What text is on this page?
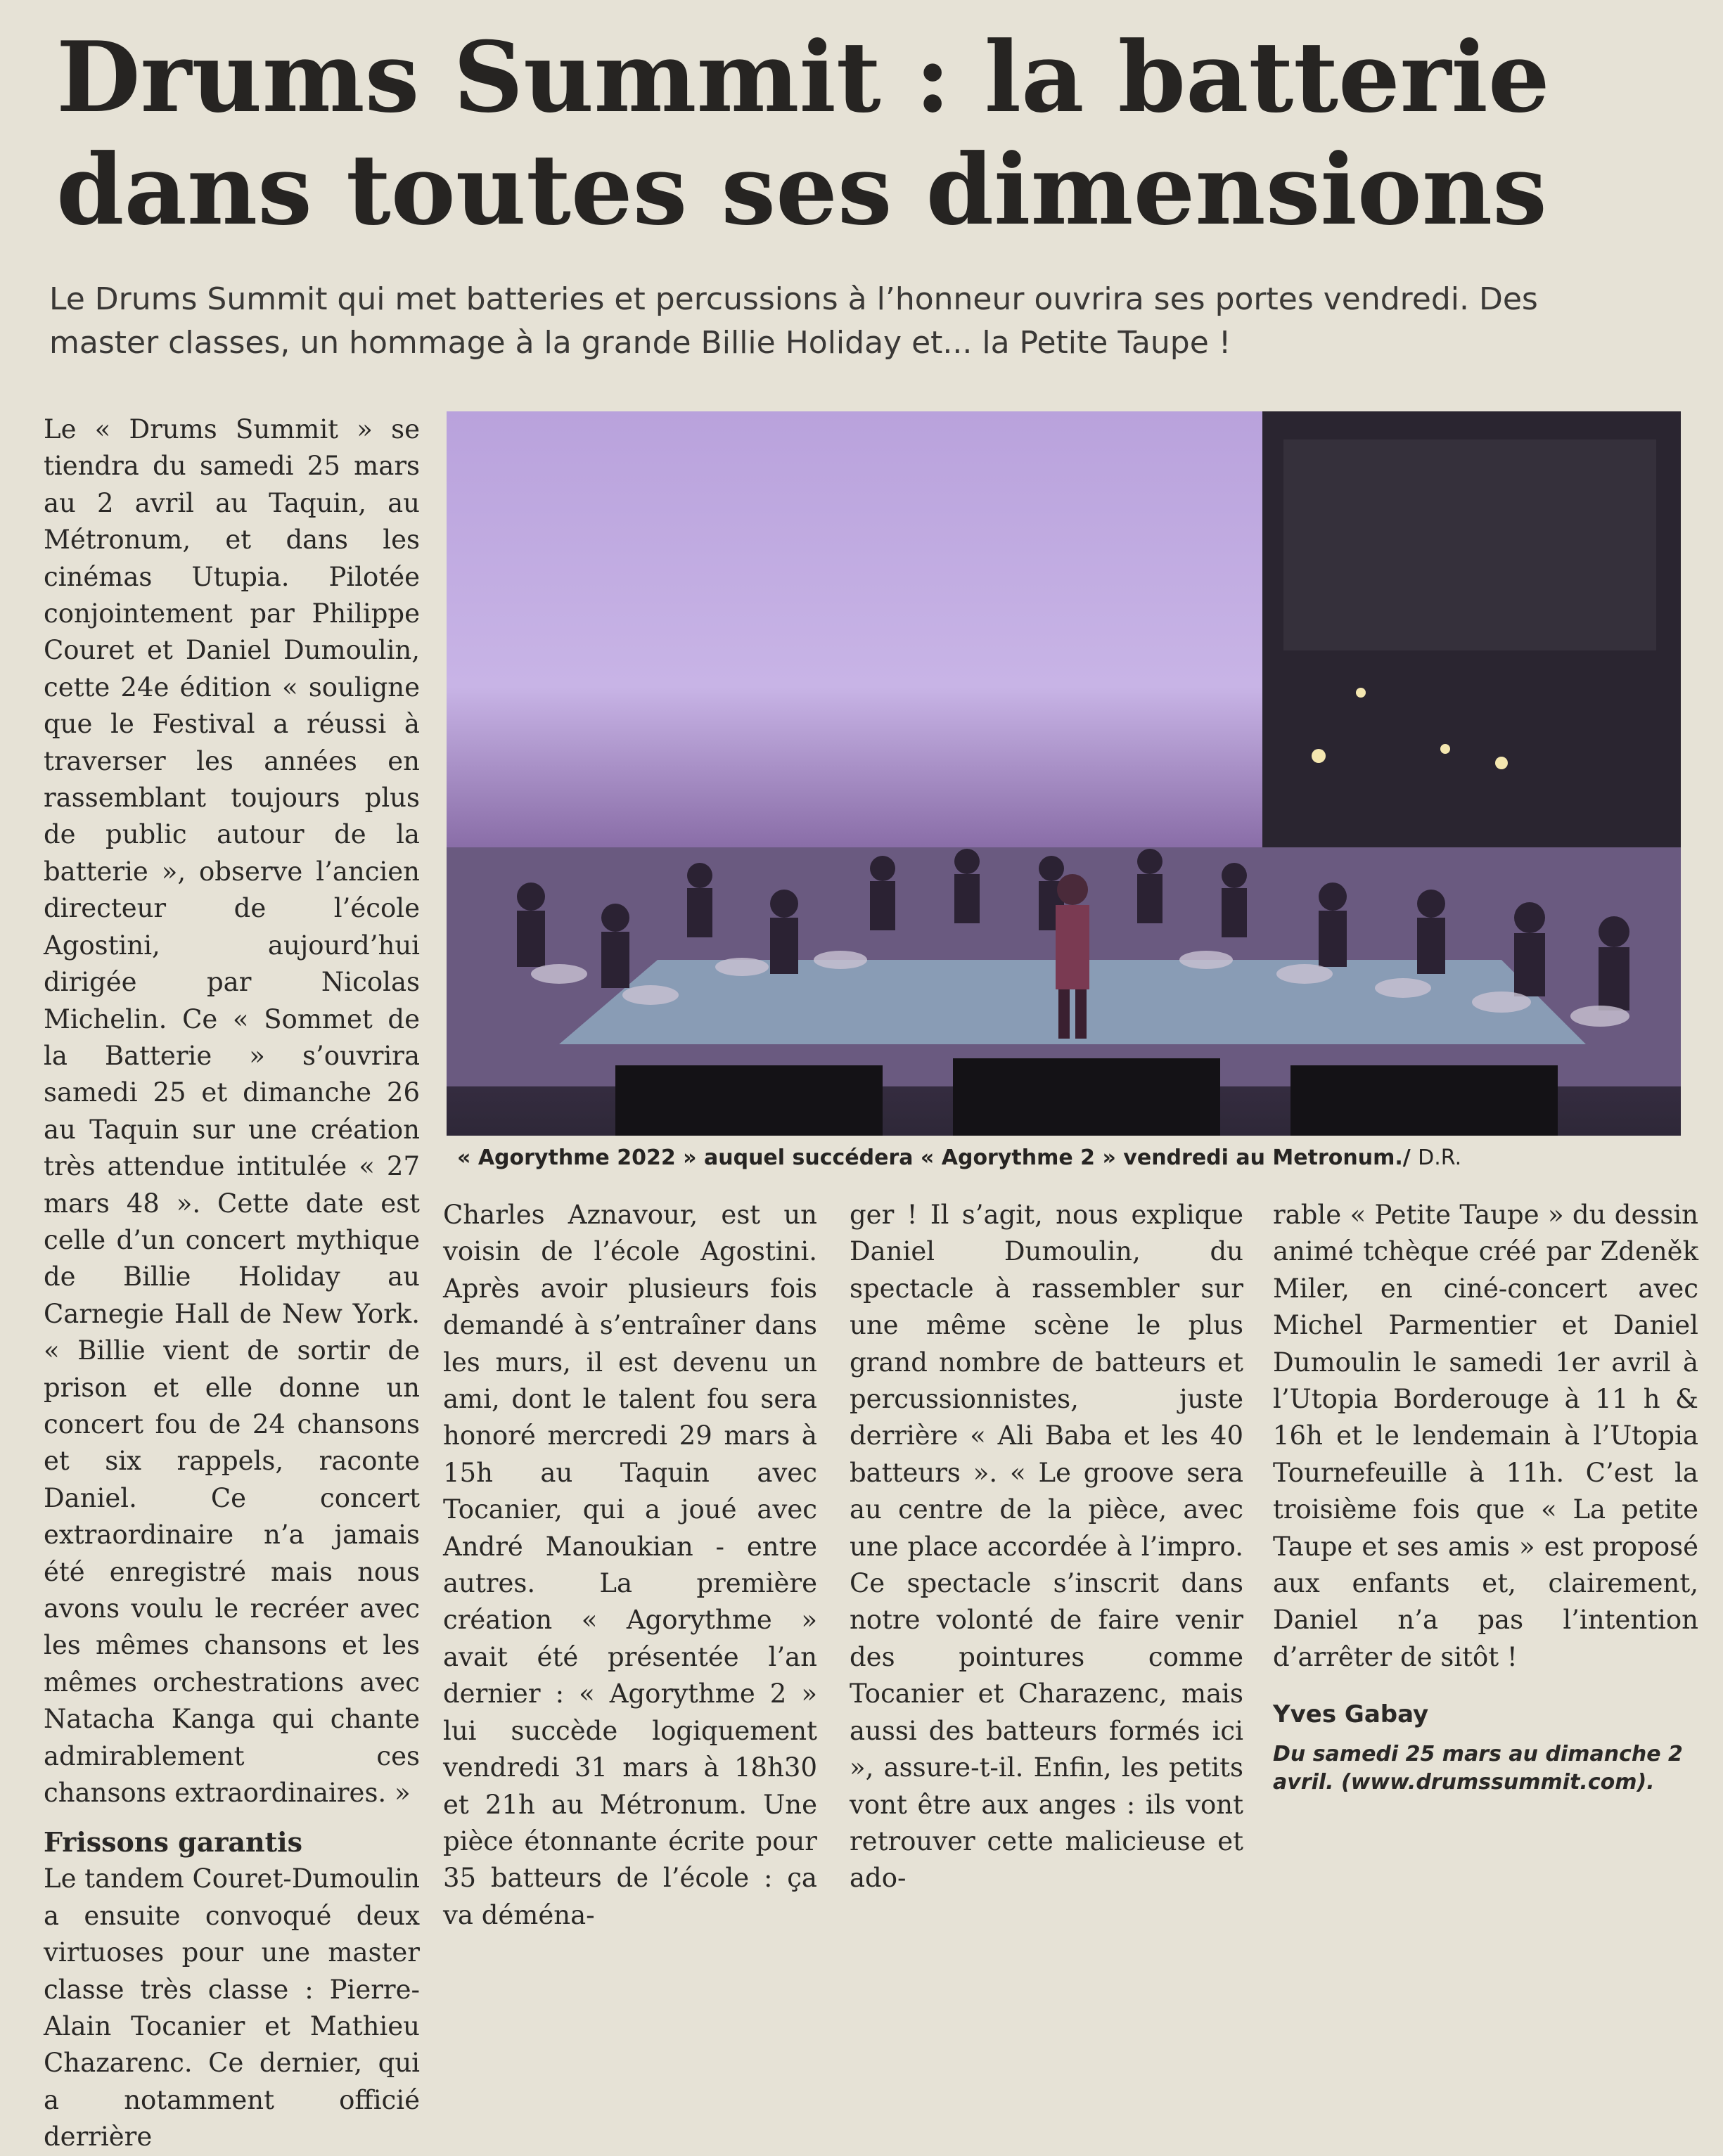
Drums Summit : la batterie
dans toutes ses dimensions

Le Drums Summit qui met batteries et percussions à l’honneur ouvrira ses portes vendredi. Des master classes, un hommage à la grande Billie Holiday et... la Petite Taupe !

Le « Drums Summit » se tiendra du samedi 25 mars au 2 avril au Taquin, au Métronum, et dans les cinémas Utupia. Pilotée conjointement par Philippe Couret et Daniel Dumoulin, cette 24e édition « souligne que le Festival a réussi à traverser les années en rassemblant toujours plus de public autour de la batterie », observe l’ancien directeur de l’école Agostini, aujourd’hui dirigée par Nicolas Michelin. Ce « Sommet de la Batterie » s’ouvrira samedi 25 et dimanche 26 au Taquin sur une création très attendue intitulée « 27 mars 48 ». Cette date est celle d’un concert mythique de Billie Holiday au Carnegie Hall de New York. « Billie vient de sortir de prison et elle donne un concert fou de 24 chansons et six rappels, raconte Daniel. Ce concert extraordinaire n’a jamais été enregistré mais nous avons voulu le recréer avec les mêmes chansons et les mêmes orchestrations avec Natacha Kanga qui chante admirablement ces chansons extraordinaires. »

Frissons garantis

Le tandem Couret-Dumoulin a ensuite convoqué deux virtuoses pour une master classe très classe : Pierre-Alain Tocanier et Mathieu Chazarenc. Ce dernier, qui a notamment officié derrière

« Agorythme 2022 » auquel succédera « Agorythme 2 » vendredi au Metronum./ D.R.

Charles Aznavour, est un voisin de l’école Agostini. Après avoir plusieurs fois demandé à s’entraîner dans les murs, il est devenu un ami, dont le talent fou sera honoré mercredi 29 mars à 15h au Taquin avec Tocanier, qui a joué avec André Manoukian - entre autres. La première création « Agorythme » avait été présentée l’an dernier : « Agorythme 2 » lui succède logiquement vendredi 31 mars à 18h30 et 21h au Métronum. Une pièce étonnante écrite pour 35 batteurs de l’école : ça va déména-

ger ! Il s’agit, nous explique Daniel Dumoulin, du spectacle à rassembler sur une même scène le plus grand nombre de batteurs et percussionnistes, juste derrière « Ali Baba et les 40 batteurs ». « Le groove sera au centre de la pièce, avec une place accordée à l’impro. Ce spectacle s’inscrit dans notre volonté de faire venir des pointures comme Tocanier et Charazenc, mais aussi des batteurs formés ici », assure-t-il. Enfin, les petits vont être aux anges : ils vont retrouver cette malicieuse et ado-

rable « Petite Taupe » du dessin animé tchèque créé par Zdeněk Miler, en ciné-concert avec Michel Parmentier et Daniel Dumoulin le samedi 1er avril à l’Utopia Borderouge à 11 h & 16h et le lendemain à l’Utopia Tournefeuille à 11h. C’est la troisième fois que « La petite Taupe et ses amis » est proposé aux enfants et, clairement, Daniel n’a pas l’intention d’arrêter de sitôt !

Yves Gabay
Du samedi 25 mars au dimanche 2 avril. (www.drumssummit.com).
